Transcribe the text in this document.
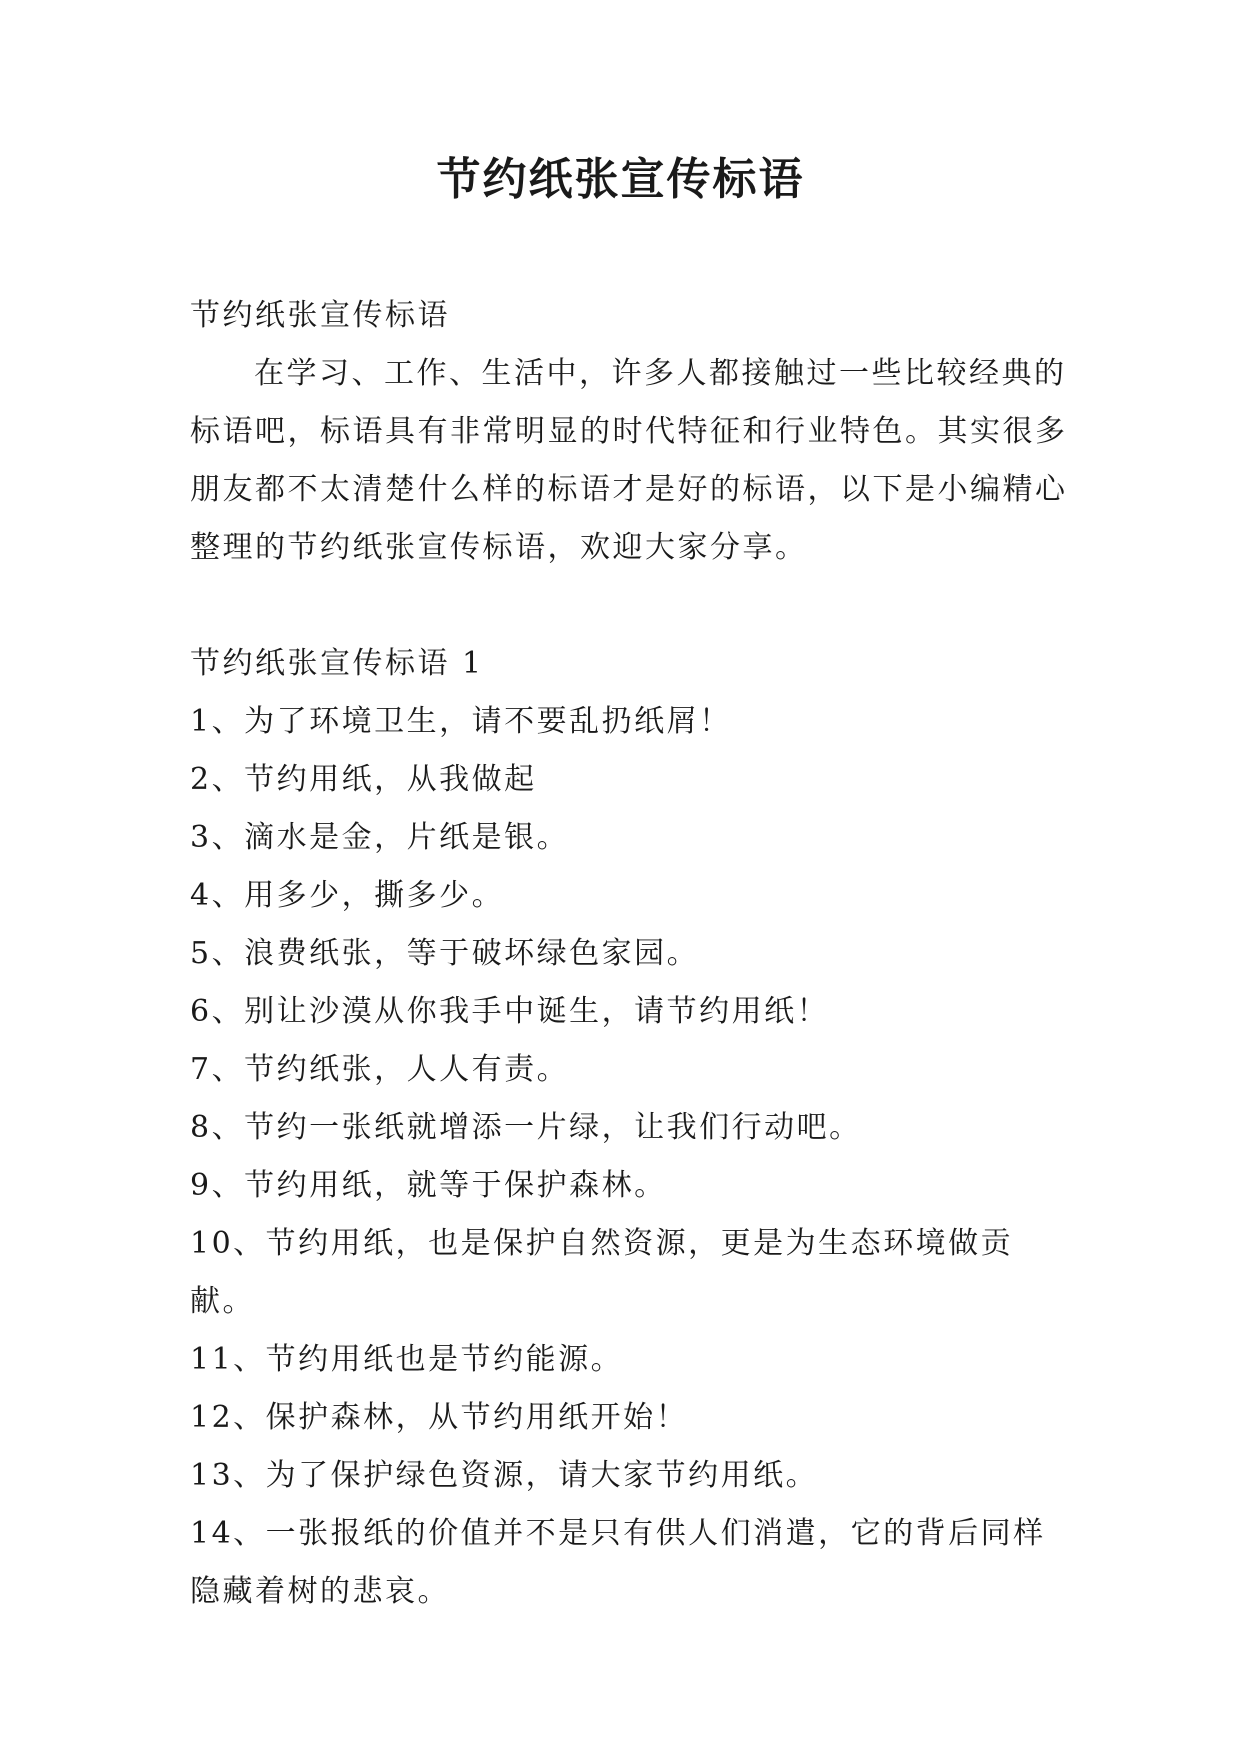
节约纸张宣传标语

节约纸张宣传标语

在学习、工作、生活中，许多人都接触过一些比较经典的标语吧，标语具有非常明显的时代特征和行业特色。其实很多朋友都不太清楚什么样的标语才是好的标语，以下是小编精心整理的节约纸张宣传标语，欢迎大家分享。

节约纸张宣传标语 1

1、为了环境卫生，请不要乱扔纸屑！
2、节约用纸，从我做起
3、滴水是金，片纸是银。
4、用多少，撕多少。
5、浪费纸张，等于破坏绿色家园。
6、别让沙漠从你我手中诞生，请节约用纸！
7、节约纸张，人人有责。
8、节约一张纸就增添一片绿，让我们行动吧。
9、节约用纸，就等于保护森林。
10、节约用纸，也是保护自然资源，更是为生态环境做贡献。
11、节约用纸也是节约能源。
12、保护森林，从节约用纸开始！
13、为了保护绿色资源，请大家节约用纸。
14、一张报纸的价值并不是只有供人们消遣，它的背后同样隐藏着树的悲哀。
